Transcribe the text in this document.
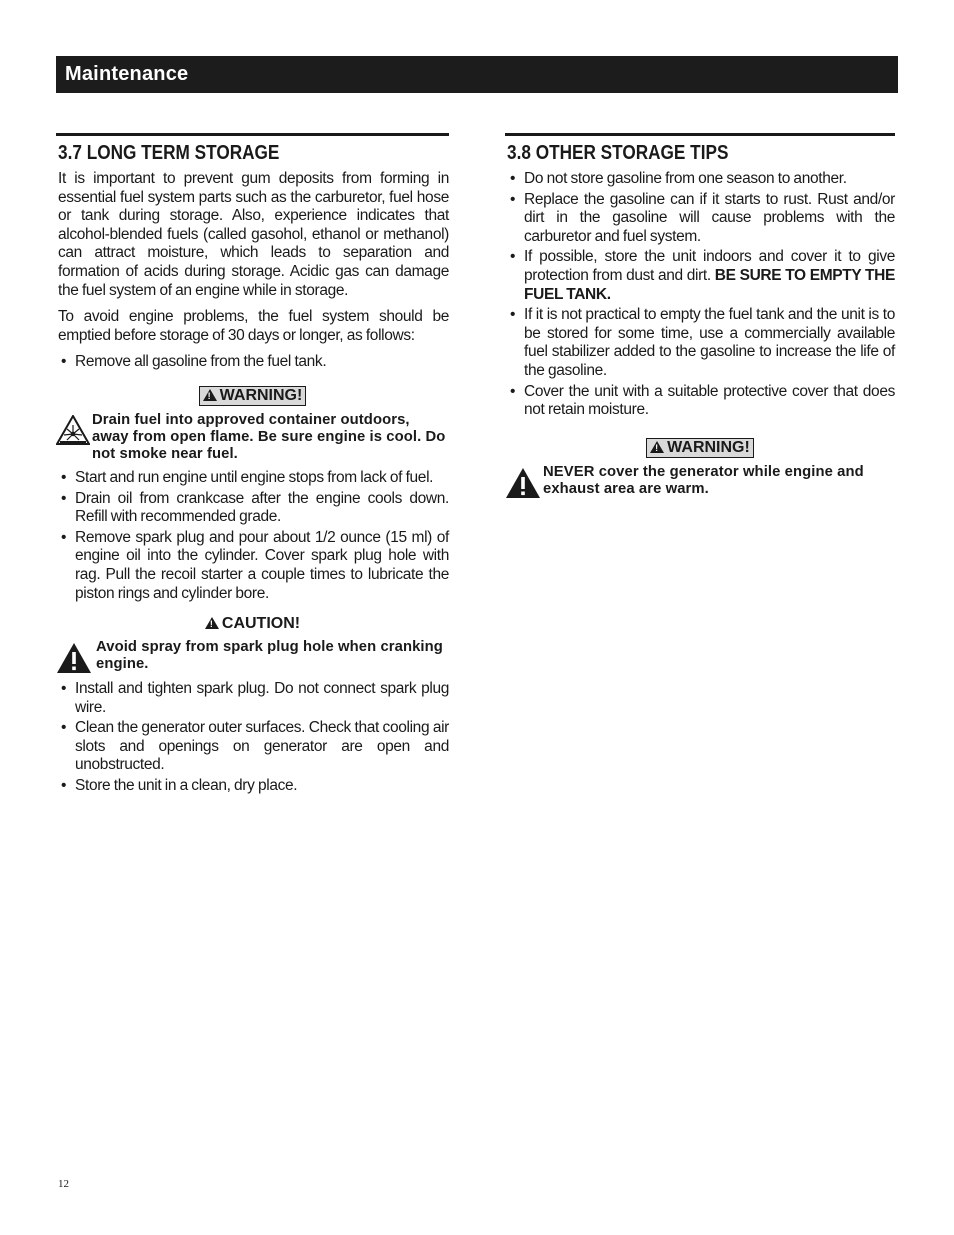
Maintenance
3.7 LONG TERM STORAGE

It is important to prevent gum deposits from forming in essential fuel system parts such as the carburetor, fuel hose or tank during storage. Also, experience indicates that alcohol-blended fuels (called gasohol, ethanol or methanol) can attract moisture, which leads to separation and formation of acids during storage. Acidic gas can damage the fuel system of an engine while in storage.

To avoid engine problems, the fuel system should be emptied before storage of 30 days or longer, as follows:

• Remove all gasoline from the fuel tank.
!WARNING!
Drain fuel into approved container outdoors, away from open flame. Be sure engine is cool. Do not smoke near fuel.
• Start and run engine until engine stops from lack of fuel.
• Drain oil from crankcase after the engine cools down. Refill with recommended grade.
• Remove spark plug and pour about 1/2 ounce (15 ml) of engine oil into the cylinder. Cover spark plug hole with rag. Pull the recoil starter a couple times to lubricate the piston rings and cylinder bore.
!CAUTION!
Avoid spray from spark plug hole when cranking engine.
• Install and tighten spark plug. Do not connect spark plug wire.
• Clean the generator outer surfaces. Check that cooling air slots and openings on generator are open and unobstructed.
• Store the unit in a clean, dry place.
3.8 OTHER STORAGE TIPS
• Do not store gasoline from one season to another.
• Replace the gasoline can if it starts to rust. Rust and/or dirt in the gasoline will cause problems with the carburetor and fuel system.
• If possible, store the unit indoors and cover it to give protection from dust and dirt. BE SURE TO EMPTY THE FUEL TANK.
• If it is not practical to empty the fuel tank and the unit is to be stored for some time, use a commercially available fuel stabilizer added to the gasoline to increase the life of the gasoline.
• Cover the unit with a suitable protective cover that does not retain moisture.
!WARNING!
NEVER cover the generator while engine and exhaust area are warm.
12
